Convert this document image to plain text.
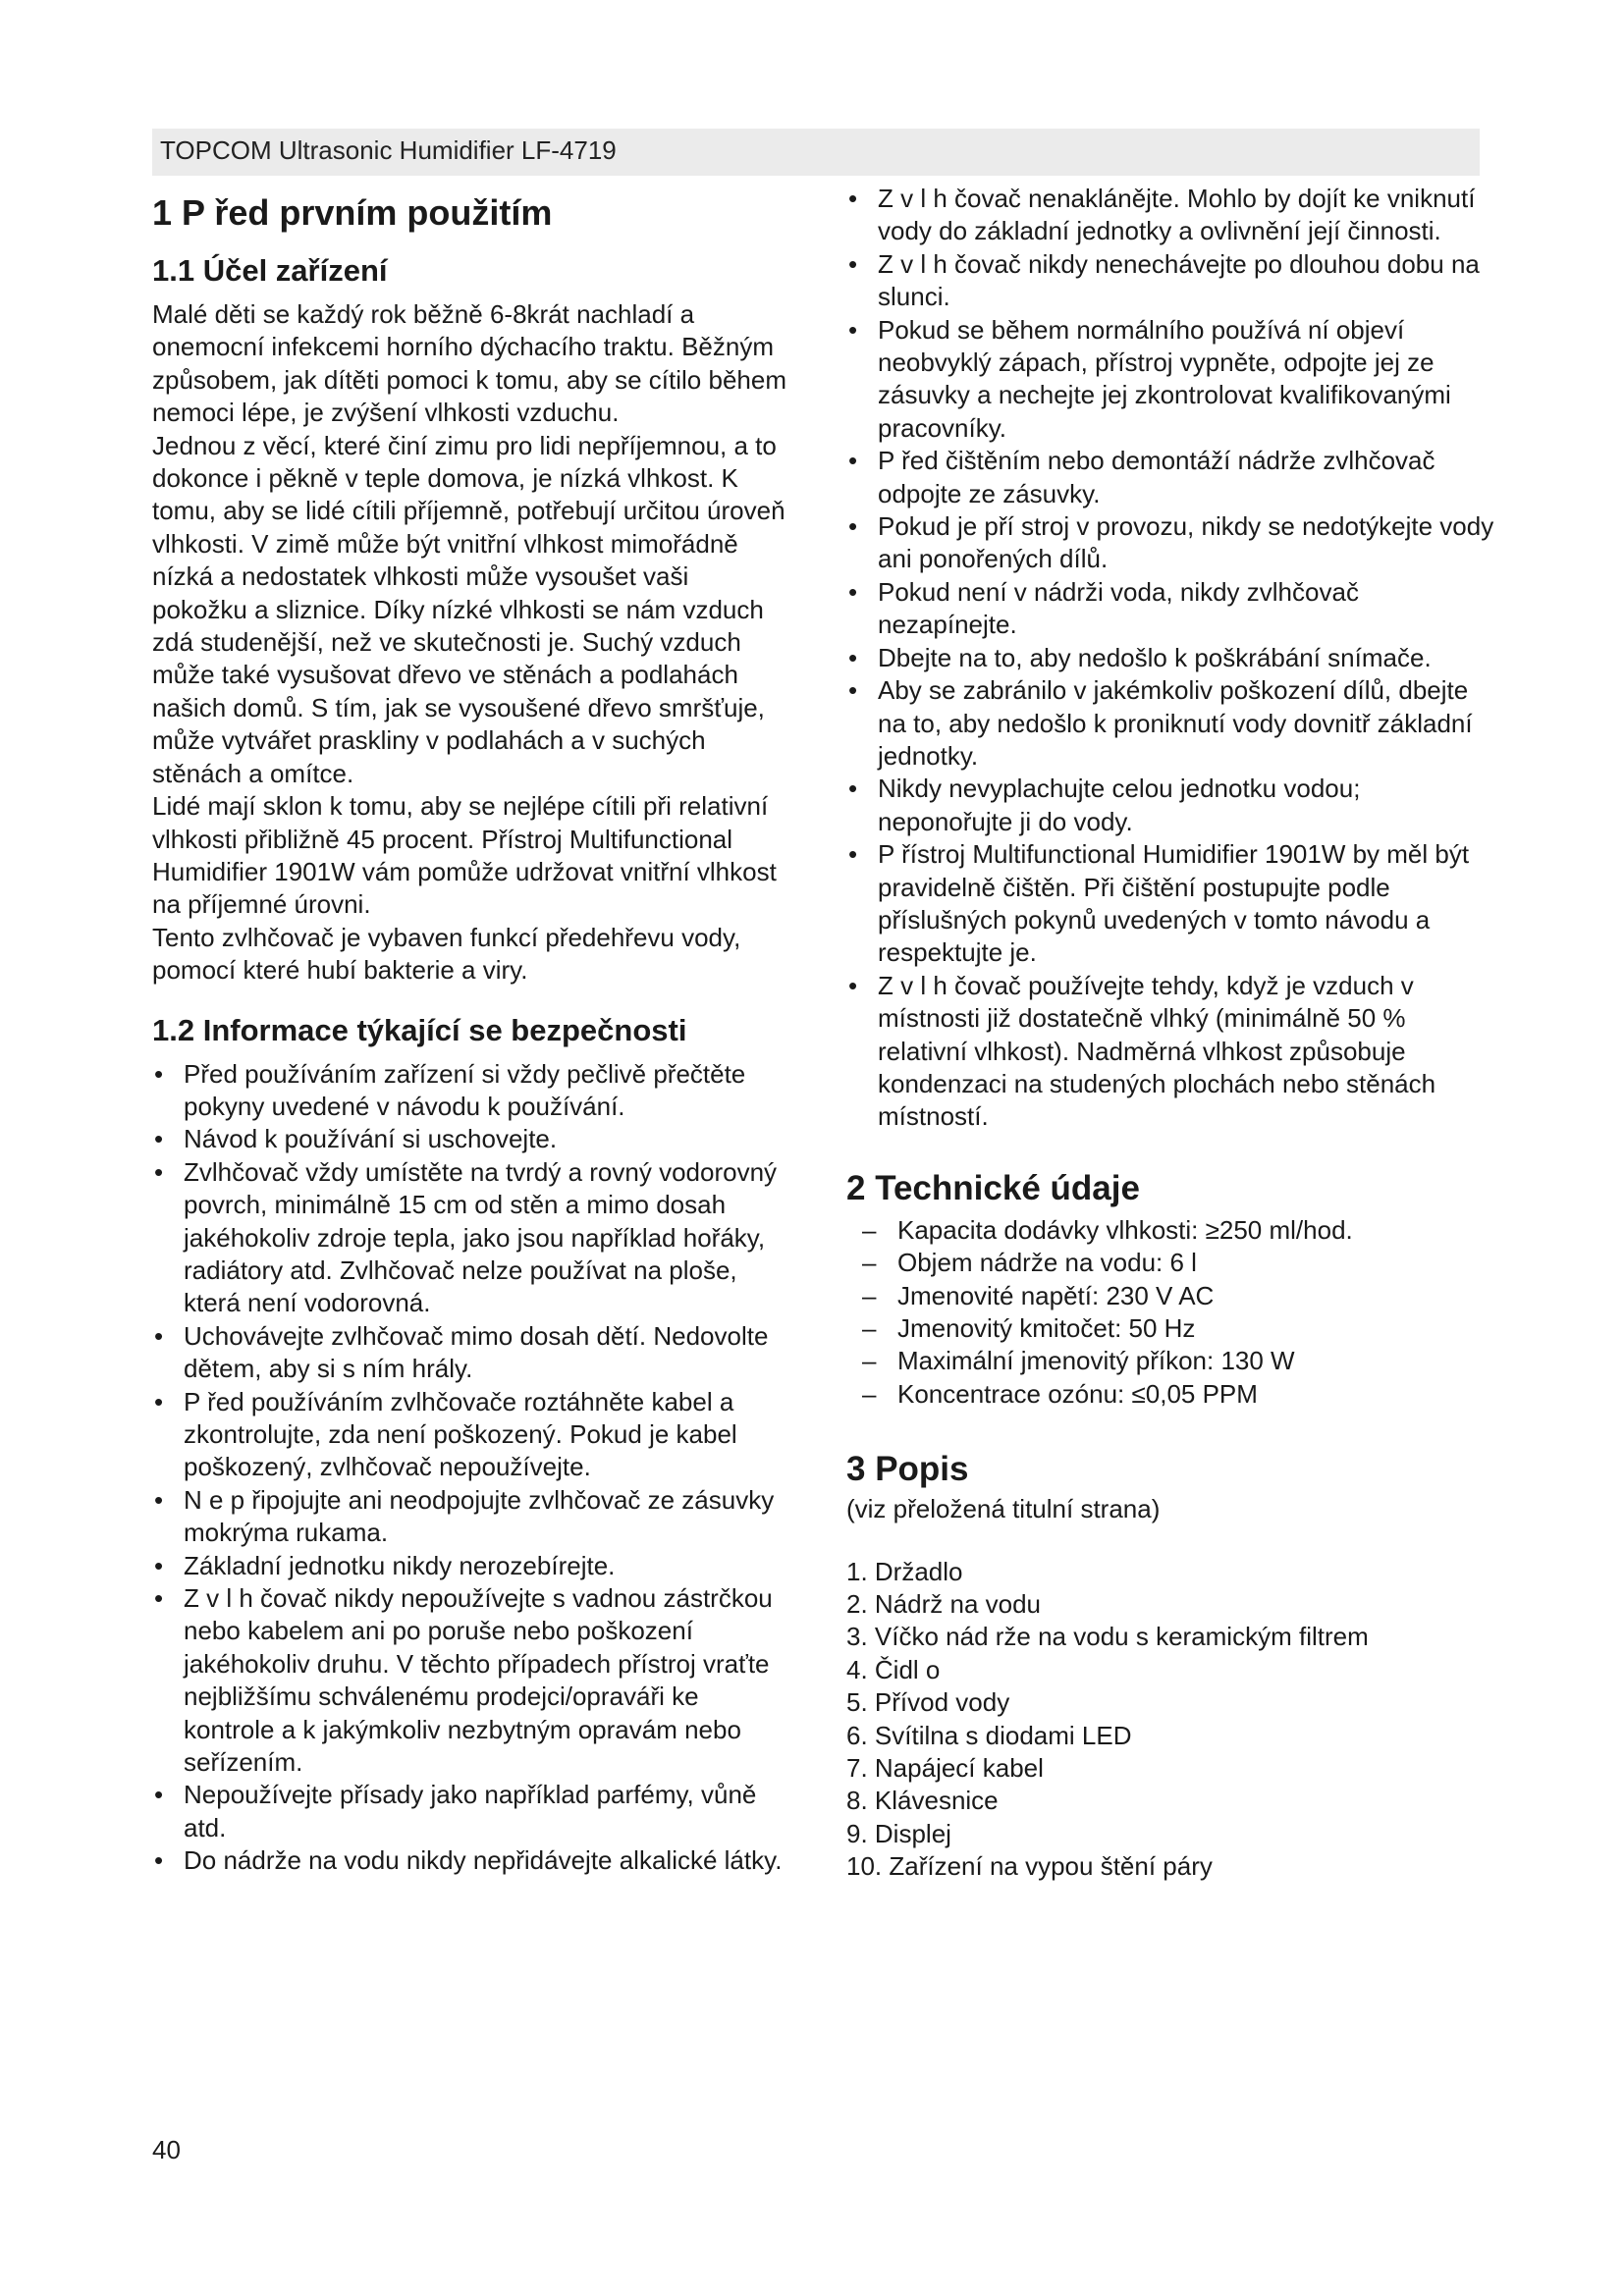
TOPCOM Ultrasonic Humidifier LF-4719
1 P řed prvním použitím
1.1 Účel zařízení

Malé děti se každý rok běžně 6-8krát nachladí a onemocní infekcemi horního dýchacího traktu. Běžným způsobem, jak dítěti pomoci k tomu, aby se cítilo během nemoci lépe, je zvýšení vlhkosti vzduchu.

Jednou z věcí, které činí zimu pro lidi nepříjemnou, a to dokonce i pěkně v teple domova, je nízká vlhkost. K tomu, aby se lidé cítili příjemně, potřebují určitou úroveň vlhkosti. V zimě může být vnitřní vlhkost mimořádně nízká a nedostatek vlhkosti může vysoušet vaši pokožku a sliznice. Díky nízké vlhkosti se nám vzduch zdá studenější, než ve skutečnosti je. Suchý vzduch může také vysušovat dřevo ve stěnách a podlahách našich domů. S tím, jak se vysoušené dřevo smršťuje, může vytvářet praskliny v podlahách a v suchých stěnách a omítce.

Lidé mají sklon k tomu, aby se nejlépe cítili při relativní vlhkosti přibližně 45 procent. Přístroj Multifunctional Humidifier 1901W vám pomůže udržovat vnitřní vlhkost na příjemné úrovni.

Tento zvlhčovač je vybaven funkcí předehřevu vody, pomocí které hubí bakterie a viry.

1.2 Informace týkající se bezpečnosti
• Před používáním zařízení si vždy pečlivě přečtěte pokyny uvedené v návodu k používání.
• Návod k používání si uschovejte.
• Zvlhčovač vždy umístěte na tvrdý a rovný vodorovný povrch, minimálně 15 cm od stěn a mimo dosah jakéhokoliv zdroje tepla, jako jsou například hořáky, radiátory atd. Zvlhčovač nelze používat na ploše, která není vodorovná.
• Uchovávejte zvlhčovač mimo dosah dětí. Nedovolte dětem, aby si s ním hrály.
• P řed používáním zvlhčovače roztáhněte kabel a zkontrolujte, zda není poškozený. Pokud je kabel poškozený, zvlhčovač nepoužívejte.
• N e p řipojujte ani neodpojujte zvlhčovač ze zásuvky mokrýma rukama.
• Základní jednotku nikdy nerozebírejte.
• Z v l h čovač nikdy nepoužívejte s vadnou zástrčkou nebo kabelem ani po poruše nebo poškození jakéhokoliv druhu. V těchto případech přístroj vraťte nejbližšímu schválenému prodejci/opraváři ke kontrole a k jakýmkoliv nezbytným opravám nebo seřízením.
• Nepoužívejte přísady jako například parfémy, vůně atd.
• Do nádrže na vodu nikdy nepřidávejte alkalické látky.
• Z v l h čovač nenaklánějte. Mohlo by dojít ke vniknutí vody do základní jednotky a ovlivnění její činnosti.
• Z v l h čovač nikdy nenechávejte po dlouhou dobu na slunci.
• Pokud se během normálního používá ní objeví neobvyklý zápach, přístroj vypněte, odpojte jej ze zásuvky a nechejte jej zkontrolovat kvalifikovanými pracovníky.
• P řed čištěním nebo demontáží nádrže zvlhčovač odpojte ze zásuvky.
• Pokud je pří stroj v provozu, nikdy se nedotýkejte vody ani ponořených dílů.
• Pokud není v nádrži voda, nikdy zvlhčovač nezapínejte.
• Dbejte na to, aby nedošlo k poškrábání snímače.
• Aby se zabránilo v jakémkoliv poškození dílů, dbejte na to, aby nedošlo k proniknutí vody dovnitř základní jednotky.
• Nikdy nevyplachujte celou jednotku vodou; neponořujte ji do vody.
• P řístroj Multifunctional Humidifier 1901W by měl být pravidelně čištěn. Při čištění postupujte podle příslušných pokynů uvedených v tomto návodu a respektujte je.
• Z v l h čovač používejte tehdy, když je vzduch v místnosti již dostatečně vlhký (minimálně 50 % relativní vlhkost). Nadměrná vlhkost způsobuje kondenzaci na studených plochách nebo stěnách místností.
2 Technické údaje
– Kapacita dodávky vlhkosti: ≥250 ml/hod.
– Objem nádrže na vodu: 6 l
– Jmenovité napětí: 230 V AC
– Jmenovitý kmitočet: 50 Hz
– Maximální jmenovitý příkon: 130 W
– Koncentrace ozónu: ≤0,05 PPM
3 Popis

(viz přeložená titulní strana)

1. Držadlo
2. Nádrž na vodu
3. Víčko nád rže na vodu s keramickým filtrem
4. Čidl o
5. Přívod vody
6. Svítilna s diodami LED
7. Napájecí kabel
8. Klávesnice
9. Displej
10. Zařízení na vypou štění páry
40
